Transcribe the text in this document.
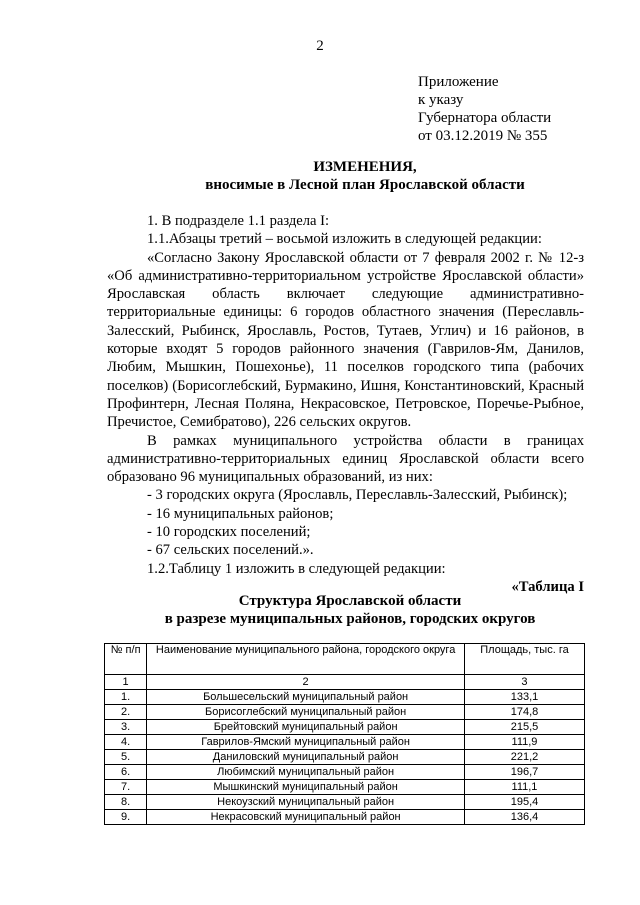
2
Приложение
к указу
Губернатора области
от 03.12.2019 № 355
ИЗМЕНЕНИЯ,
вносимые в Лесной план Ярославской области

1. В подразделе 1.1 раздела I:

1.1.Абзацы третий – восьмой изложить в следующей редакции:

«Согласно Закону Ярославской области от 7 февраля 2002 г. № 12-з «Об административно-территориальном устройстве Ярославской области» Ярославская область включает следующие административно-территориальные единицы: 6 городов областного значения (Переславль-Залесский, Рыбинск, Ярославль, Ростов, Тутаев, Углич) и 16 районов, в которые входят 5 городов районного значения (Гаврилов-Ям, Данилов, Любим, Мышкин, Пошехонье), 11 поселков городского типа (рабочих поселков) (Борисоглебский, Бурмакино, Ишня, Константиновский, Красный Профинтерн, Лесная Поляна, Некрасовское, Петровское, Поречье-Рыбное, Пречистое, Семибратово), 226 сельских округов.

В рамках муниципального устройства области в границах административно-территориальных единиц Ярославской области всего образовано 96 муниципальных образований, из них:

- 3 городских округа (Ярославль, Переславль-Залесский, Рыбинск);

- 16 муниципальных районов;

- 10 городских поселений;

- 67 сельских поселений.».

1.2.Таблицу 1 изложить в следующей редакции:

«Таблица I

Структура Ярославской области
в разрезе муниципальных районов, городских округов
№ п/п	Наименование муниципального района, городского округа	Площадь, тыс. га
1	2	3
1.	Большесельский муниципальный район	133,1
2.	Борисоглебский муниципальный район	174,8
3.	Брейтовский муниципальный район	215,5
4.	Гаврилов-Ямский муниципальный район	111,9
5.	Даниловский муниципальный район	221,2
6.	Любимский муниципальный район	196,7
7.	Мышкинский муниципальный район	111,1
8.	Некоузский муниципальный район	195,4
9.	Некрасовский муниципальный район	136,4
